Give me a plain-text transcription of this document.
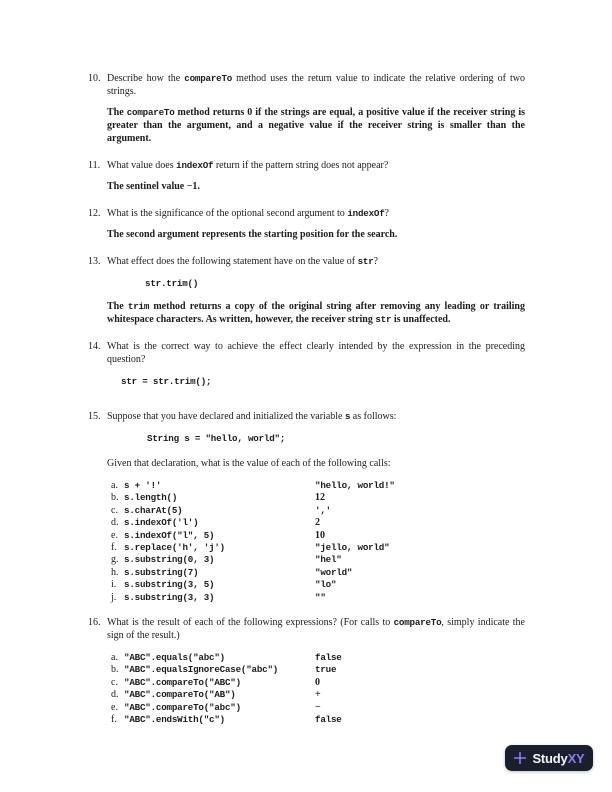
10. Describe how the compareTo method uses the return value to indicate the relative ordering of two strings.

The compareTo method returns 0 if the strings are equal, a positive value if the receiver string is greater than the argument, and a negative value if the receiver string is smaller than the argument.

11. What value does indexOf return if the pattern string does not appear?

The sentinel value −1.

12. What is the significance of the optional second argument to indexOf?

The second argument represents the starting position for the search.

13. What effect does the following statement have on the value of str?

str.trim()

The trim method returns a copy of the original string after removing any leading or trailing whitespace characters. As written, however, the receiver string str is unaffected.

14. What is the correct way to achieve the effect clearly intended by the expression in the preceding question?

str = str.trim();
15. Suppose that you have declared and initialized the variable s as follows:

String s = "hello, world";

Given that declaration, what is the value of each of the following calls:

a. s + '!'	"hello, world!"
b. s.length()	12
c. s.charAt(5)	','
d. s.indexOf('l')	2
e. s.indexOf("l", 5)	10
f. s.replace('h', 'j')	"jello, world"
g. s.substring(0, 3)	"hel"
h. s.substring(7)	"world"
i. s.substring(3, 5)	"lo"
j. s.substring(3, 3)	""
16. What is the result of each of the following expressions? (For calls to compareTo, simply indicate the sign of the result.)

a. "ABC".equals("abc")	false
b. "ABC".equalsIgnoreCase("abc")	true
c. "ABC".compareTo("ABC")	0
d. "ABC".compareTo("AB")	+
e. "ABC".compareTo("abc")	−
f. "ABC".endsWith("c")	false
StudyXY
